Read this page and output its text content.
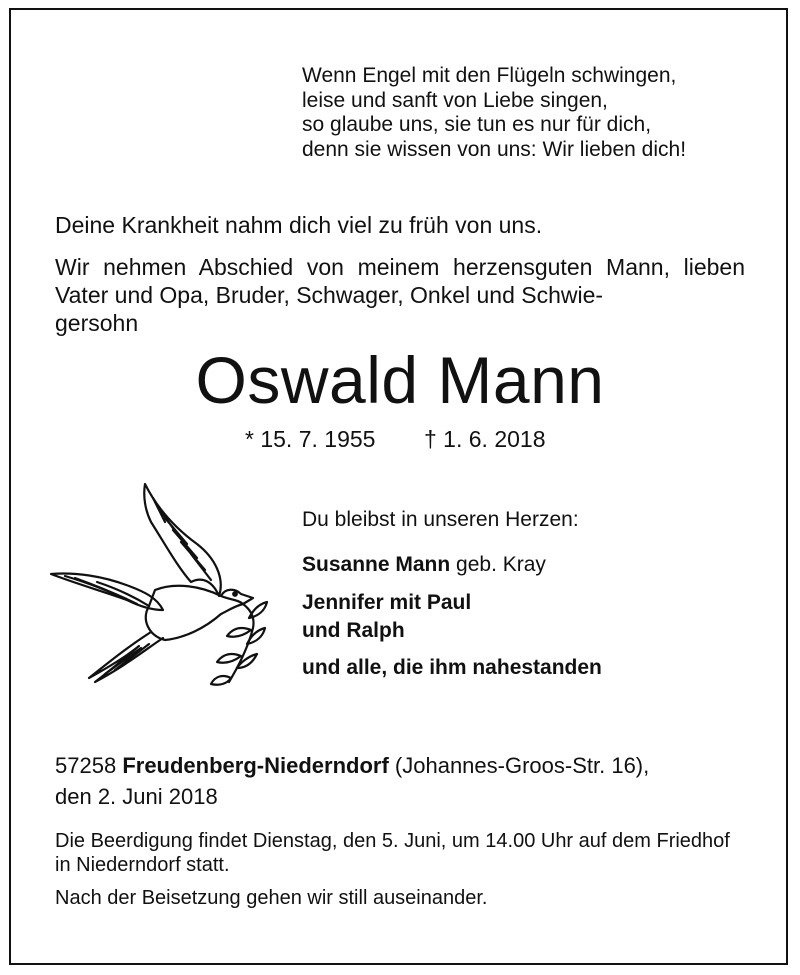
Wenn Engel mit den Flügeln schwingen,
leise und sanft von Liebe singen,
so glaube uns, sie tun es nur für dich,
denn sie wissen von uns: Wir lieben dich!
Deine Krankheit nahm dich viel zu früh von uns.
Wir nehmen Abschied von meinem herzensguten Mann, lieben Vater und Opa, Bruder, Schwager, Onkel und Schwie-
gersohn
Oswald Mann
* 15. 7. 1955 † 1. 6. 2018
Du bleibst in unseren Herzen:
Susanne Mann geb. Kray
Jennifer mit Paul
und Ralph
und alle, die ihm nahestanden
57258 Freudenberg-Niederndorf (Johannes-Groos-Str. 16),
den 2. Juni 2018
Die Beerdigung findet Dienstag, den 5. Juni, um 14.00 Uhr auf dem Friedhof in Niederndorf statt.
Nach der Beisetzung gehen wir still auseinander.
